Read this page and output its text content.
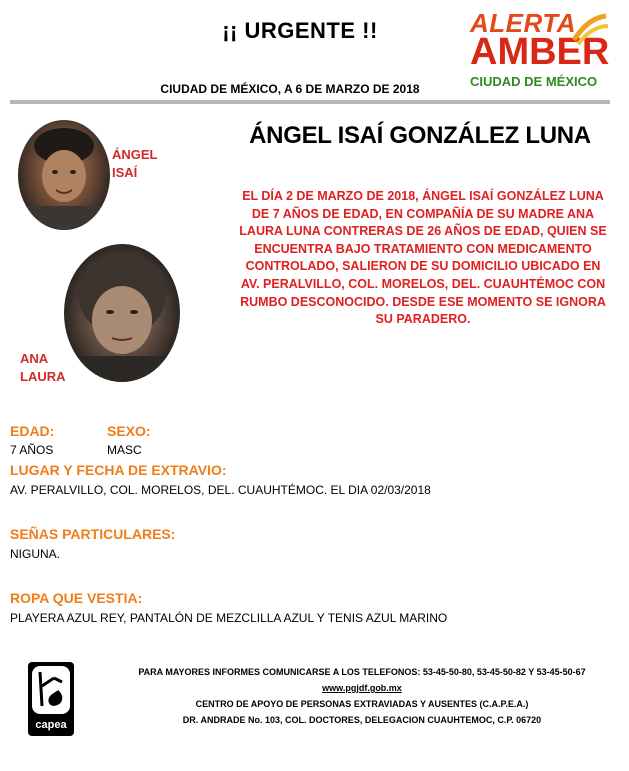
¡¡ URGENTE !!
CIUDAD DE MÉXICO, A 6 DE MARZO DE 2018
ALERTA
AMBER
CIUDAD DE MÉXICO
ÁNGEL
ISAÍ
ANA
LAURA
ÁNGEL ISAÍ GONZÁLEZ LUNA
EL DÍA 2 DE MARZO DE 2018, ÁNGEL ISAÍ GONZÁLEZ LUNA
DE 7 AÑOS DE EDAD, EN COMPAÑÍA DE SU MADRE ANA
LAURA LUNA CONTRERAS DE 26 AÑOS DE EDAD, QUIEN SE
ENCUENTRA BAJO TRATAMIENTO CON MEDICAMENTO
CONTROLADO, SALIERON DE SU DOMICILIO UBICADO EN
AV. PERALVILLO, COL. MORELOS, DEL. CUAUHTÉMOC CON
RUMBO DESCONOCIDO. DESDE ESE MOMENTO SE IGNORA
SU PARADERO.
EDAD:
7 AÑOS
SEXO:
MASC
LUGAR Y FECHA DE EXTRAVIO:
AV. PERALVILLO, COL. MORELOS, DEL. CUAUHTÉMOC. EL DIA 02/03/2018
SEÑAS PARTICULARES:
NIGUNA.
ROPA QUE VESTIA:
PLAYERA AZUL REY, PANTALÓN DE MEZCLILLA AZUL Y TENIS AZUL MARINO
capea
PARA MAYORES INFORMES COMUNICARSE A LOS TELEFONOS: 53-45-50-80, 53-45-50-82 Y 53-45-50-67
www.pgjdf.gob.mx
CENTRO DE APOYO DE PERSONAS EXTRAVIADAS Y AUSENTES (C.A.P.E.A.)
DR. ANDRADE No. 103, COL. DOCTORES, DELEGACION CUAUHTEMOC, C.P. 06720
